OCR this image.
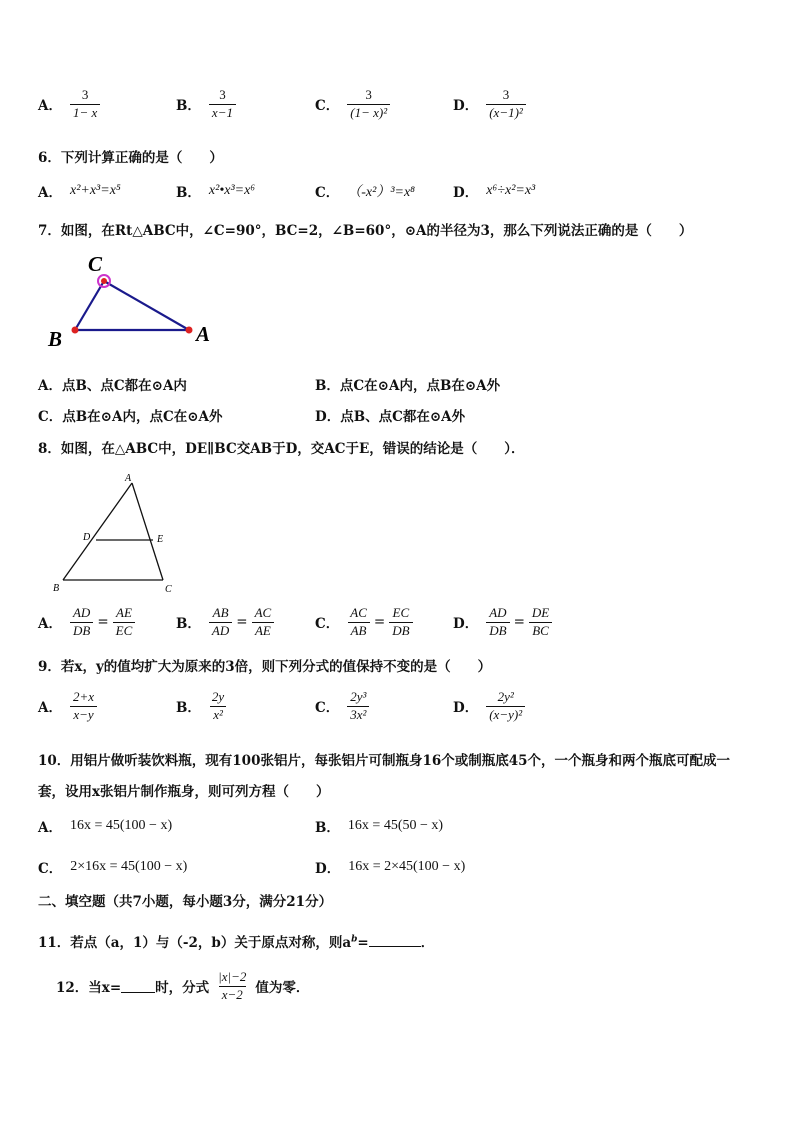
A． $\frac{3}{1- x}$	B． $\frac{3}{x-1}$	C． $\frac{3}{\text{(1− x)²}}$	D． $\frac{3}{\text{(x−1)²}}$
6．下列计算正确的是（　　）
A． x²+x³=x⁵	B． x²•x³=x⁶	C． （-x²）³=x⁸	D． x⁶÷x²=x³
7．如图，在Rt△ABC中，∠C=90°，BC=2，∠B=60°，⊙A的半径为3，那么下列说法正确的是（　　）
C
B	A
A． 点B、点C都在⊙A内	B． 点C在⊙A内，点B在⊙A外
C． 点B在⊙A内，点C在⊙A外	D． 点B、点C都在⊙A外
8．如图，在△ABC中，DE∥BC交AB于D，交AC于E，错误的结论是（　　）．
A
D	E
B	C
A． $\frac{AD}{DB} = \frac{AE}{EC}$	B． $\frac{AB}{AD} = \frac{AC}{AE}$	C． $\frac{AC}{AB} = \frac{EC}{DB}$	D． $\frac{AD}{DB} = \frac{DE}{BC}$
9．若x，y的值均扩大为原来的3倍，则下列分式的值保持不变的是（　　）
A． $\frac{2+x}{x-y}$	B． $\frac{2y}{\text{x²}}$	C． $\frac{\text{2y³}}{\text{3x²}}$	D． $\frac{\text{2y²}}{\text{(x−y)²}}$
10．用铝片做听装饮料瓶，现有100张铝片，每张铝片可制瓶身16个或制瓶底45个，一个瓶身和两个瓶底可配成一
套，设用x张铝片制作瓶身，则可列方程（　　）
A． 16x = 45(100 − x)	B． 16x = 45(50 − x)
C． 2×16x = 45(100 − x)	D． 16x = 2×45(100 − x)
二、填空题（共7小题，每小题3分，满分21分）
11．若点（a，1）与（-2，b）关于原点对称，则$a^b=$	．
12．当x=	时，分式 $\frac{|x|-2}{x-2}$ 值为零．
